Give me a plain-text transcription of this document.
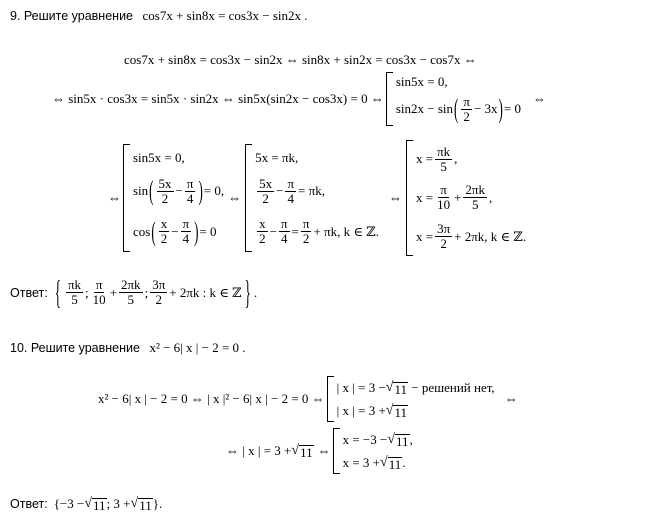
9. Решите уравнение cos7x + sin8x = cos3x − sin2x .
cos7x + sin8x = cos3x − sin2x ⇔ sin8x + sin2x = cos3x − cos7x ⇔
⇔ sin5x · cos3x = sin5x · sin2x ⇔ sin5x(sin2x − cos3x) = 0 ⇔
sin5x = 0,
sin2x − sin ( $\frac{\pi}{2} - 3x$ ) = 0
⇔
⇔
sin5x = 0,
sin ( $\frac{5x}{2} - \frac{\pi}{4}$ ) = 0,
cos ( $\frac{x}{2} - \frac{\pi}{4}$ ) = 0
⇔
5x = πk,
$\frac{5x}{2} - \frac{\pi}{4} = \pi k$,
$\frac{x}{2} - \frac{\pi}{4} = \frac{\pi}{2} + \pi k$, k ∈ ℤ.
⇔
$x = \frac{\pi k}{5}$ ,
$x = \frac{\pi}{10} + \frac{2\pi k}{5}$ ,
$x = \frac{3\pi}{2} + 2\pi k$, k ∈ ℤ.
Ответ: { $\frac{\pi k}{5}$ ; $\frac{\pi}{10} + \frac{2\pi k}{5}$ ; $\frac{3\pi}{2} + 2\pi k$ : k ∈ ℤ } .
10. Решите уравнение x² − 6| x | − 2 = 0 .
x² − 6| x | − 2 = 0 ⇔ | x |² − 6| x | − 2 = 0 ⇔
| x | = 3 − √ 11 − решений нет,
| x | = 3 + √ 11
⇔
⇔ | x | = 3 + √ 11 ⇔
x = −3 − √ 11 ,
x = 3 + √ 11 .
Ответ: {−3 − √ 11 ; 3 + √ 11 }.
